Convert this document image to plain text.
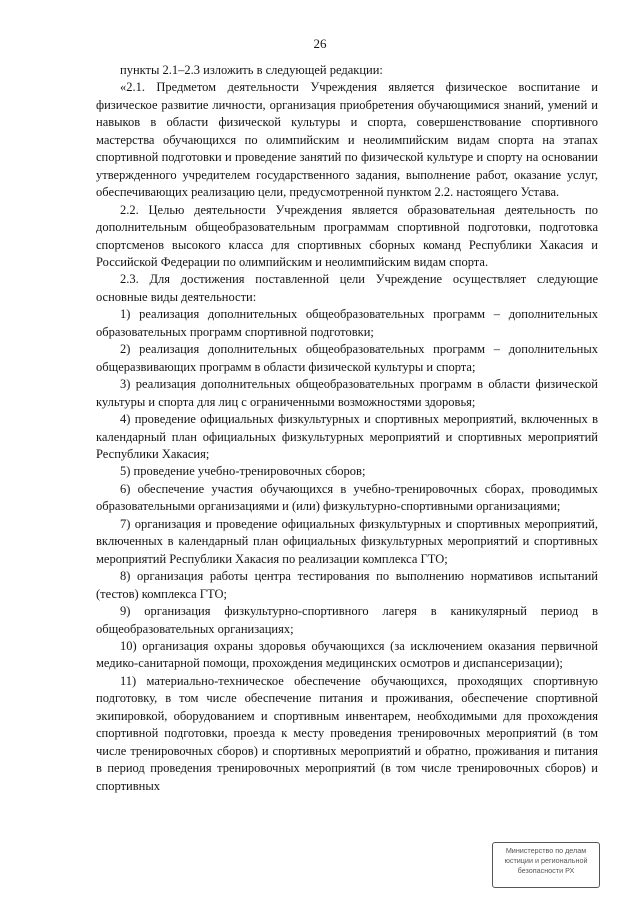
26

пункты 2.1–2.3 изложить в следующей редакции:

«2.1. Предметом деятельности Учреждения является физическое воспитание и физическое развитие личности, организация приобретения обучающимися знаний, умений и навыков в области физической культуры и спорта, совершенствование спортивного мастерства обучающихся по олимпийским и неолимпийским видам спорта на этапах спортивной подготовки и проведение занятий по физической культуре и спорту на основании утвержденного учредителем государственного задания, выполнение работ, оказание услуг, обеспечивающих реализацию цели, предусмотренной пунктом 2.2. настоящего Устава.

2.2. Целью деятельности Учреждения является образовательная деятельность по дополнительным общеобразовательным программам спортивной подготовки, подготовка спортсменов высокого класса для спортивных сборных команд Республики Хакасия и Российской Федерации по олимпийским и неолимпийским видам спорта.

2.3. Для достижения поставленной цели Учреждение осуществляет следующие основные виды деятельности:

1) реализация дополнительных общеобразовательных программ – дополнительных образовательных программ спортивной подготовки;

2) реализация дополнительных общеобразовательных программ – дополнительных общеразвивающих программ в области физической культуры и спорта;

3) реализация дополнительных общеобразовательных программ в области физической культуры и спорта для лиц с ограниченными возможностями здоровья;

4) проведение официальных физкультурных и спортивных мероприятий, включенных в календарный план официальных физкультурных мероприятий и спортивных мероприятий Республики Хакасия;

5) проведение учебно-тренировочных сборов;

6) обеспечение участия обучающихся в учебно-тренировочных сборах, проводимых образовательными организациями и (или) физкультурно-спортивными организациями;

7) организация и проведение официальных физкультурных и спортивных мероприятий, включенных в календарный план официальных физкультурных мероприятий и спортивных мероприятий Республики Хакасия по реализации комплекса ГТО;

8) организация работы центра тестирования по выполнению нормативов испытаний (тестов) комплекса ГТО;

9) организация физкультурно-спортивного лагеря в каникулярный период в общеобразовательных организациях;

10) организация охраны здоровья обучающихся (за исключением оказания первичной медико-санитарной помощи, прохождения медицинских осмотров и диспансеризации);

11) материально-техническое обеспечение обучающихся, проходящих спортивную подготовку, в том числе обеспечение питания и проживания, обеспечение спортивной экипировкой, оборудованием и спортивным инвентарем, необходимыми для прохождения спортивной подготовки, проезда к месту проведения тренировочных мероприятий (в том числе тренировочных сборов) и спортивных мероприятий и обратно, проживания и питания в период проведения тренировочных мероприятий (в том числе тренировочных сборов) и спортивных

Министерство по делам
юстиции и региональной
безопасности РХ
